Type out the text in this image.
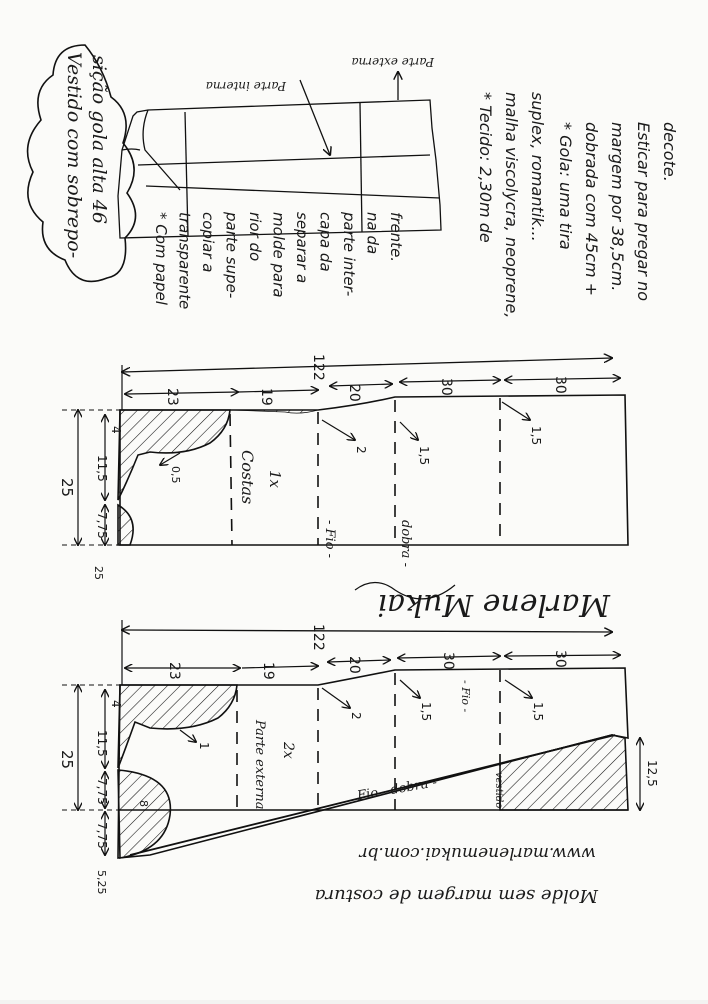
Vestido com sobrepo- sição gola alta 46	Parte interna
Parte externa
* Com papel transparente copiar a parte supe- rior do molde para separar a capa da parte inter- na da frente.	* Tecido: 2,30m de malha viscolycra, neoprene, suplex, romantik... * Gola: uma tira dobrada com 45cm + margem por 38,5cm. Esticar para pregar no decote.
122
23	19	20	30	30
25
4
11,5
7,75
25
0,5
2	1,5
1,5
Costas 1x
- Fio -	dobra -
Marlene Mukai
122
23	19	20	30	30
25
4
11,5
7,75
7,75
5,25
8
1
12,5
2	1,5	1,5
Parte externa 2x
- Fio -
Fio - dobra -	vestido
www.marlenemukai.com.br
Molde sem margem de costura
